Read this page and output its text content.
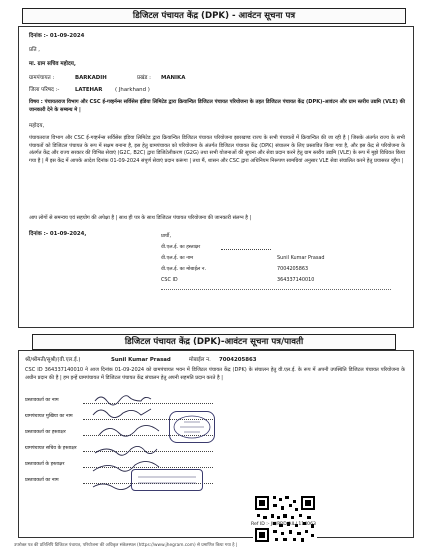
डिजिटल पंचायत केंद्र (DPK) - आवंटन सूचना पत्र
दिनांक :- 01-09-2024
प्रति ,
मा. ग्राम सचिव महोदय,
ग्रामपंचायत :	BARKADIH	प्रखंड : MANIKA
जिला परिषद :-	LATEHAR ( Jharkhand )
विषय : पंचायतराज विभाग और CSC ई-गव्हर्नन्स सर्विसेस इंडिया लिमिटेड द्वारा क्रियान्वित डिजिटल पंचायत परियोजना के तहत डिजिटल पंचायत केंद्र (DPK)-आवंटन और ग्राम स्तरीय उद्यमि (VLE) की जानकारी देने के सम्बन्ध मे |
महोदय,
पंचायतराज विभाग और CSC ई-गव्हर्नन्स सर्विसेस इंडिया लिमिटेड द्वारा क्रियान्वित डिजिटल पंचायत परियोजना झारखण्ड राज्य के सभी पंचायतों में क्रियान्वित की जा रही है | जिसके अंतर्गत राज्य के सभी पंचायतों को डिजिटल पंचायत के रूप में सक्षम बनाना है, इस हेतु ग्रामपंचायत को परियोजना के अंतर्गत डिजिटल पंचायत केंद्र (DPK) संचालन के लिए प्रस्तावित किया गया है, और इस केंद्र से परियोजना के अंतर्गत केंद्र और राज्य सरकार की विभिन्न सेवाएं (G2C, B2C) द्वारा डिजिटेलीकरण (G2G) तथा सभी योजनाओं की सूचना और सेवा प्रदान करने हेतु ग्राम स्तरीय उद्यमि (VLE) के रूप में मुझे विधिवत किया गया है | मैं इस केंद्र में आपके आदेश दिनांक 01-09-2024 संपूर्ण सेवाएं प्रदान करूंगा | तथा मैं, शासन और CSC द्वारा अधिनियम निरूपण सामग्रियां अनुसार VLE सेवा संचालित करने हेतु प्रयासरत रहूँगा |
आप लोगों से समन्वय एवं सहयोग की अपेक्षा है | साथ ही पत्र के साथ डिजिटल पंचायत परियोजना की जानकारी संलग्न है |
दिनांक :- 01-09-2024,	प्रार्थी,
वी.एल.ई. का हस्ताक्षर
वी.एल.ई. का नाम	Sunil Kumar Prasad
वी.एल.ई. का मोबाईल न.	7004205863
CSC ID	364337140010
डिजिटल पंचायत केंद्र (DPK)-आवंटन सूचना पत्र/पावती
श्री/श्रीमती/सुश्री/(वी.एल.ई.)	Sunil Kumar Prasad	मोबाईल न. 7004205863
CSC ID 364337140010 ने आज दिनांक 01-09-2024 को ग्रामपंचायत भवन में डिजिटल पंचायत केंद्र (DPK) के संचालन हेतु वी.एल.ई. के रूप में अपनी उपस्थिति डिजिटल पंचायत परियोजना के अधीन प्रदान की है | हम इन्हें ग्रामपंचायत में डिजिटल पंचायत केंद्र संचालन हेतु अपनी सहमति प्रदान करते है |
प्रस्तावकर्ता का नाम
ग्रामपंचायत मुखिया का नाम
प्रस्तावकर्ता का हस्ताक्षर
ग्रामपंचायत सचिव के हस्ताक्षर
प्रस्तावकर्ता के हस्ताक्षर
प्रस्तावकर्ता का नाम
Ref ID :- JH/PRD/AIL/ 114063
उपरोक्त पत्र की प्रतिलिपि डिजिटल पंचायत, परियोजना की अधिकृत संकेतस्थल (https://www.jhegram.com) से प्रमाणित किया गया है |
